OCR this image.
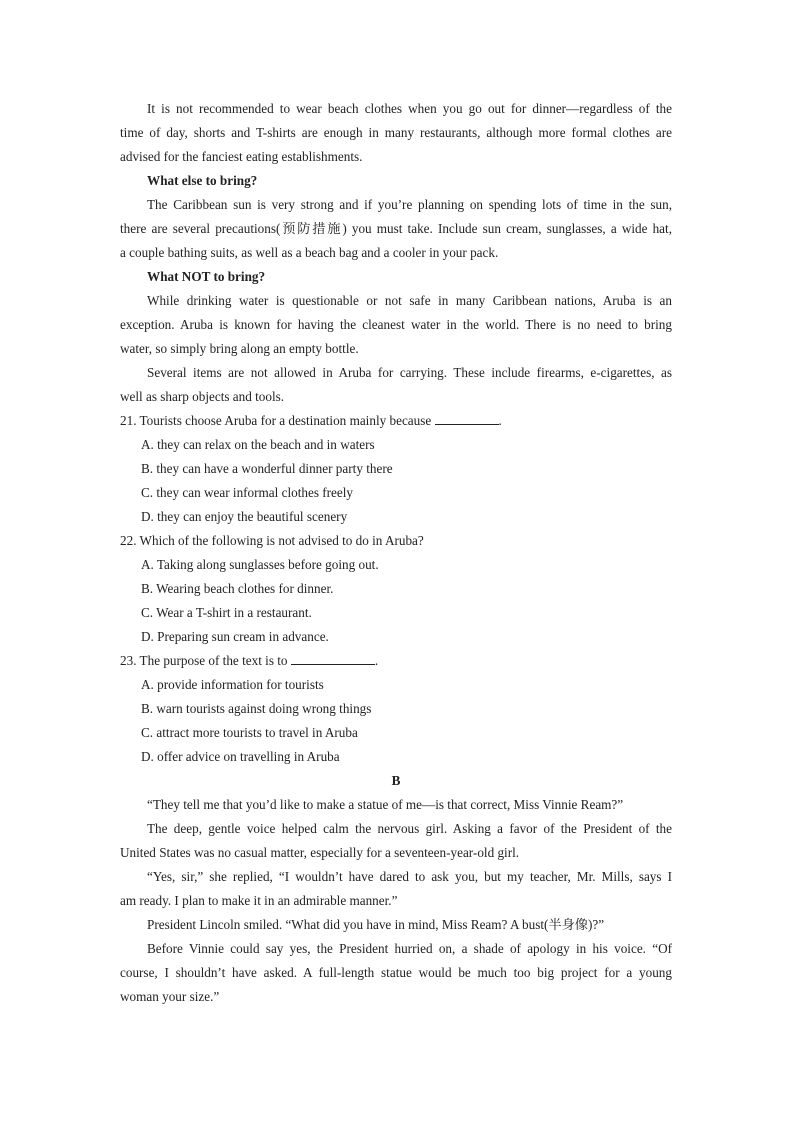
It is not recommended to wear beach clothes when you go out for dinner—regardless of the
time of day, shorts and T-shirts are enough in many restaurants, although more formal clothes are
advised for the fanciest eating establishments.
What else to bring?
The Caribbean sun is very strong and if you’re planning on spending lots of time in the sun,
there are several precautions(预防措施) you must take. Include sun cream, sunglasses, a wide hat,
a couple bathing suits, as well as a beach bag and a cooler in your pack.
What NOT to bring?
While drinking water is questionable or not safe in many Caribbean nations, Aruba is an
exception. Aruba is known for having the cleanest water in the world. There is no need to bring
water, so simply bring along an empty bottle.
Several items are not allowed in Aruba for carrying. These include firearms, e-cigarettes, as
well as sharp objects and tools.
21. Tourists choose Aruba for a destination mainly because	.
A. they can relax on the beach and in waters
B. they can have a wonderful dinner party there
C. they can wear informal clothes freely
D. they can enjoy the beautiful scenery
22. Which of the following is not advised to do in Aruba?
A. Taking along sunglasses before going out.
B. Wearing beach clothes for dinner.
C. Wear a T-shirt in a restaurant.
D. Preparing sun cream in advance.
23. The purpose of the text is to	.
A. provide information for tourists
B. warn tourists against doing wrong things
C. attract more tourists to travel in Aruba
D. offer advice on travelling in Aruba
B
“They tell me that you’d like to make a statue of me—is that correct, Miss Vinnie Ream?”
The deep, gentle voice helped calm the nervous girl. Asking a favor of the President of the
United States was no casual matter, especially for a seventeen-year-old girl.
“Yes, sir,” she replied, “I wouldn’t have dared to ask you, but my teacher, Mr. Mills, says I
am ready. I plan to make it in an admirable manner.”
President Lincoln smiled. “What did you have in mind, Miss Ream? A bust(半身像)?”
Before Vinnie could say yes, the President hurried on, a shade of apology in his voice. “Of
course, I shouldn’t have asked. A full-length statue would be much too big project for a young
woman your size.”
